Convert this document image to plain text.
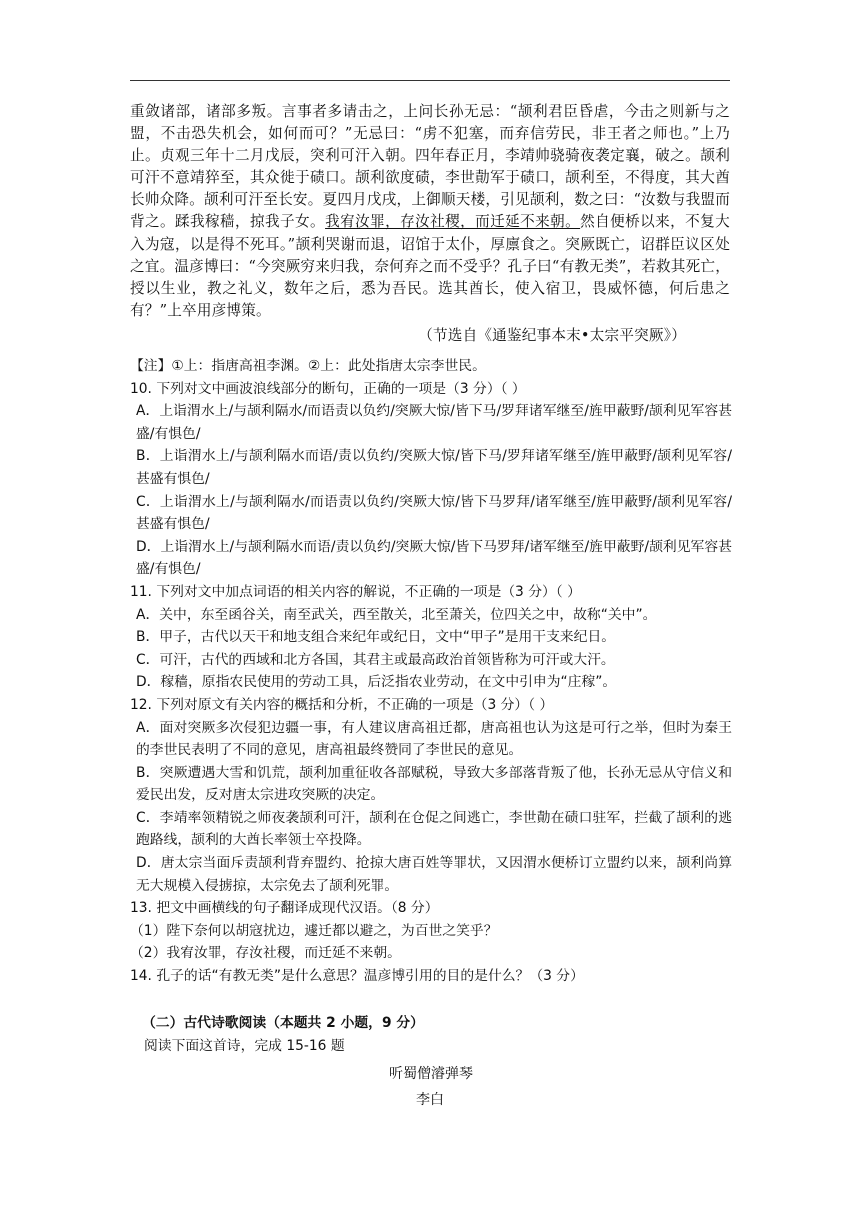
重敛诸部，诸部多叛。言事者多请击之，上问长孙无忌：“颉利君臣昏虐，今击之则新与之盟，不击恐失机会，如何而可？”无忌曰：“虏不犯塞，而弃信劳民，非王者之师也。”上乃止。贞观三年十二月戊辰，突利可汗入朝。四年春正月，李靖帅骁骑夜袭定襄，破之。颉利可汗不意靖猝至，其众徙于碛口。颉利欲度碛，李世勣军于碛口，颉利至，不得度，其大酋长帅众降。颉利可汗至长安。夏四月戊戌，上御顺天楼，引见颉利，数之曰：“汝数与我盟而背之。蹂我稼穑，掠我子女。我宥汝罪，存汝社稷，而迁延不来朝。然自便桥以来，不复大入为寇，以是得不死耳。”颉利哭谢而退，诏馆于太仆，厚廪食之。突厥既亡，诏群臣议区处之宜。温彦博曰：“今突厥穷来归我，奈何弃之而不受乎？孔子曰“有教无类”，若救其死亡，授以生业，教之礼义，数年之后，悉为吾民。选其酋长，使入宿卫，畏威怀德，何后患之有？”上卒用彦博策。

（节选自《通鉴纪事本末•太宗平突厥》）

【注】①上：指唐高祖李渊。②上：此处指唐太宗李世民。
10. 下列对文中画波浪线部分的断句，正确的一项是（3 分）（ ）
A．上诣渭水上/与颉利隔水/而语责以负约/突厥大惊/皆下马/罗拜诸军继至/旌甲蔽野/颉利见军容甚盛/有惧色/
B．上诣渭水上/与颉利隔水而语/责以负约/突厥大惊/皆下马/罗拜诸军继至/旌甲蔽野/颉利见军容/甚盛有惧色/
C．上诣渭水上/与颉利隔水/而语责以负约/突厥大惊/皆下马罗拜/诸军继至/旌甲蔽野/颉利见军容/甚盛有惧色/
D．上诣渭水上/与颉利隔水而语/责以负约/突厥大惊/皆下马罗拜/诸军继至/旌甲蔽野/颉利见军容甚盛/有惧色/
11. 下列对文中加点词语的相关内容的解说，不正确的一项是（3 分）（ ）
A．关中，东至函谷关，南至武关，西至散关，北至萧关，位四关之中，故称“关中”。
B．甲子，古代以天干和地支组合来纪年或纪日，文中“甲子”是用干支来纪日。
C．可汗，古代的西域和北方各国，其君主或最高政治首领皆称为可汗或大汗。
D．稼穑，原指农民使用的劳动工具，后泛指农业劳动，在文中引申为“庄稼”。
12. 下列对原文有关内容的概括和分析，不正确的一项是（3 分）（ ）
A．面对突厥多次侵犯边疆一事，有人建议唐高祖迁都，唐高祖也认为这是可行之举，但时为秦王的李世民表明了不同的意见，唐高祖最终赞同了李世民的意见。
B．突厥遭遇大雪和饥荒，颉利加重征收各部赋税，导致大多部落背叛了他，长孙无忌从守信义和爱民出发，反对唐太宗进攻突厥的决定。
C．李靖率领精锐之师夜袭颉利可汗，颉利在仓促之间逃亡，李世勣在碛口驻军，拦截了颉利的逃跑路线，颉利的大酋长率领士卒投降。
D．唐太宗当面斥责颉利背弃盟约、抢掠大唐百姓等罪状，又因渭水便桥订立盟约以来，颉利尚算无大规模入侵掳掠，太宗免去了颉利死罪。
13. 把文中画横线的句子翻译成现代汉语。（8 分）
（1）陛下奈何以胡寇扰边，遽迁都以避之，为百世之笑乎？
（2）我宥汝罪，存汝社稷，而迁延不来朝。
14. 孔子的话“有教无类”是什么意思？温彦博引用的目的是什么？（3 分）
（二）古代诗歌阅读（本题共 2 小题，9 分）
阅读下面这首诗，完成 15-16 题
听蜀僧濬弹琴
李白
